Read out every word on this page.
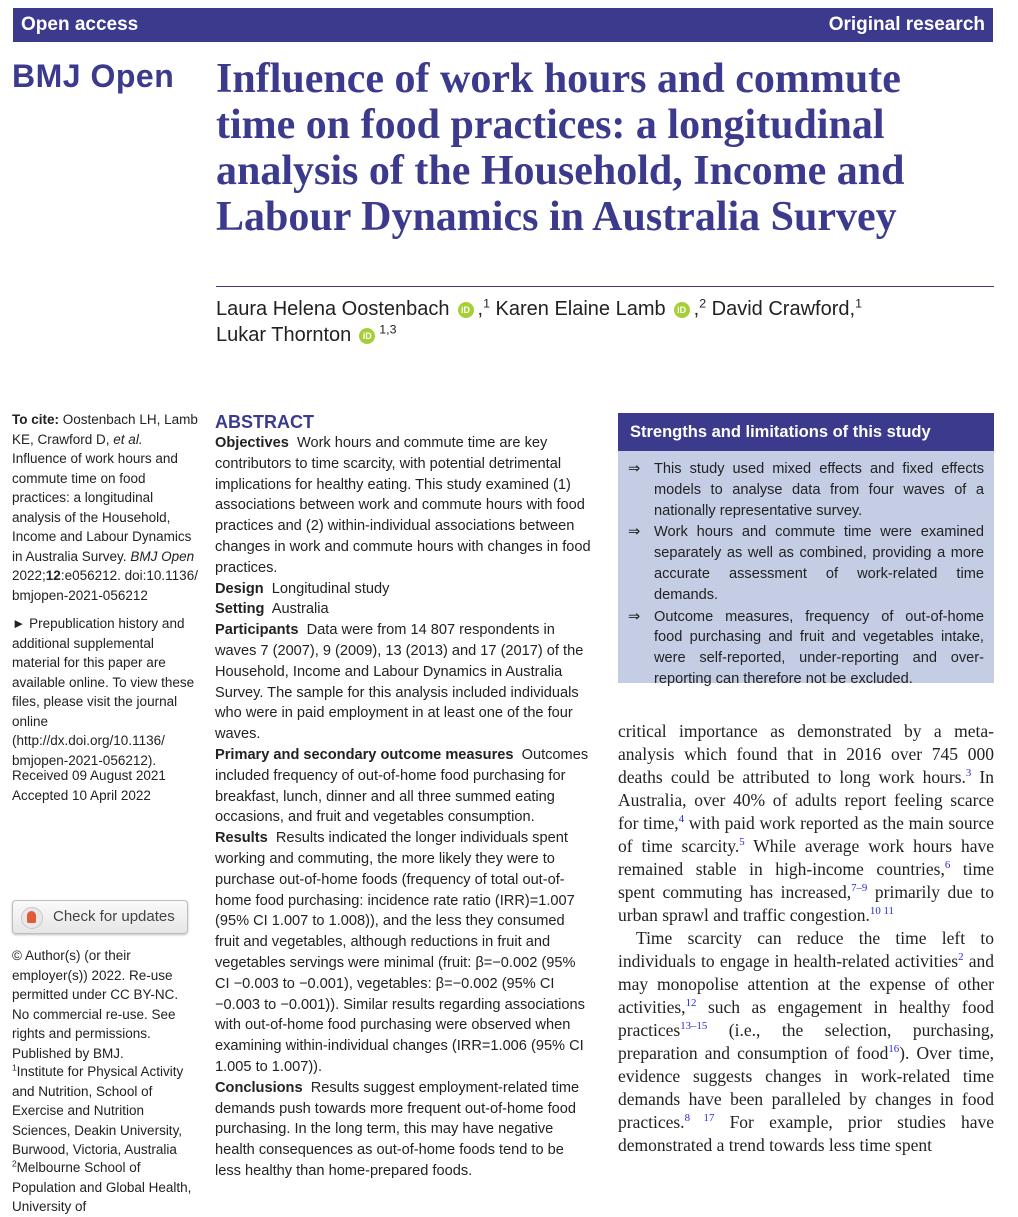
Open access	Original research
BMJ Open Influence of work hours and commute time on food practices: a longitudinal analysis of the Household, Income and Labour Dynamics in Australia Survey
Laura Helena Oostenbach iD ,$^1$ Karen Elaine Lamb iD ,$^2$ David Crawford,$^1$
Lukar Thornton iD $^{1,3}$
To cite: Oostenbach LH, Lamb KE, Crawford D, et al. Influence of work hours and commute time on food practices: a longitudinal analysis of the Household, Income and Labour Dynamics in Australia Survey. BMJ Open 2022;12:e056212. doi:10.1136/ bmjopen-2021-056212
► Prepublication history and additional supplemental material for this paper are available online. To view these files, please visit the journal online (http://dx.doi.org/10.1136/ bmjopen-2021-056212).
Received 09 August 2021
Accepted 10 April 2022
Check for updates
© Author(s) (or their employer(s)) 2022. Re-use permitted under CC BY-NC. No commercial re-use. See rights and permissions. Published by BMJ.
$^1$Institute for Physical Activity and Nutrition, School of Exercise and Nutrition Sciences, Deakin University, Burwood, Victoria, Australia
$^2$Melbourne School of Population and Global Health, University of
ABSTRACT
Objectives Work hours and commute time are key contributors to time scarcity, with potential detrimental implications for healthy eating. This study examined (1) associations between work and commute hours with food practices and (2) within-individual associations between changes in work and commute hours with changes in food practices.
Design Longitudinal study
Setting Australia
Participants Data were from 14 807 respondents in waves 7 (2007), 9 (2009), 13 (2013) and 17 (2017) of the Household, Income and Labour Dynamics in Australia Survey. The sample for this analysis included individuals who were in paid employment in at least one of the four waves.
Primary and secondary outcome measures Outcomes included frequency of out-of-home food purchasing for breakfast, lunch, dinner and all three summed eating occasions, and fruit and vegetables consumption.
Results Results indicated the longer individuals spent working and commuting, the more likely they were to purchase out-of-home foods (frequency of total out-of-home food purchasing: incidence rate ratio (IRR)=1.007 (95% CI 1.007 to 1.008)), and the less they consumed fruit and vegetables, although reductions in fruit and vegetables servings were minimal (fruit: β=−0.002 (95% CI −0.003 to −0.001), vegetables: β=−0.002 (95% CI −0.003 to −0.001)). Similar results regarding associations with out-of-home food purchasing were observed when examining within-individual changes (IRR=1.006 (95% CI 1.005 to 1.007)).
Conclusions Results suggest employment-related time demands push towards more frequent out-of-home food purchasing. In the long term, this may have negative health consequences as out-of-home foods tend to be less healthy than home-prepared foods.
Strengths and limitations of this study
⇒ This study used mixed effects and fixed effects models to analyse data from four waves of a nationally representative survey.
⇒ Work hours and commute time were examined separately as well as combined, providing a more accurate assessment of work-related time demands.
⇒ Outcome measures, frequency of out-of-home food purchasing and fruit and vegetables intake, were self-reported, under-reporting and over-reporting can therefore not be excluded.

critical importance as demonstrated by a meta-analysis which found that in 2016 over 745 000 deaths could be attributed to long work hours.$^3$ In Australia, over 40% of adults report feeling scarce for time,$^4$ with paid work reported as the main source of time scarcity.$^5$ While average work hours have remained stable in high-income countries,$^6$ time spent commuting has increased,$^{7-9}$ primarily due to urban sprawl and traffic congestion.$^{10 11}$

Time scarcity can reduce the time left to individuals to engage in health-related activities$^2$ and may monopolise attention at the expense of other activities,$^{12}$ such as engagement in healthy food practices$^{13-15}$ (i.e., the selection, purchasing, preparation and consumption of food$^{16}$). Over time, evidence suggests changes in work-related time demands have been paralleled by changes in food practices.$^{8 17}$ For example, prior studies have demonstrated a trend towards less time spent
